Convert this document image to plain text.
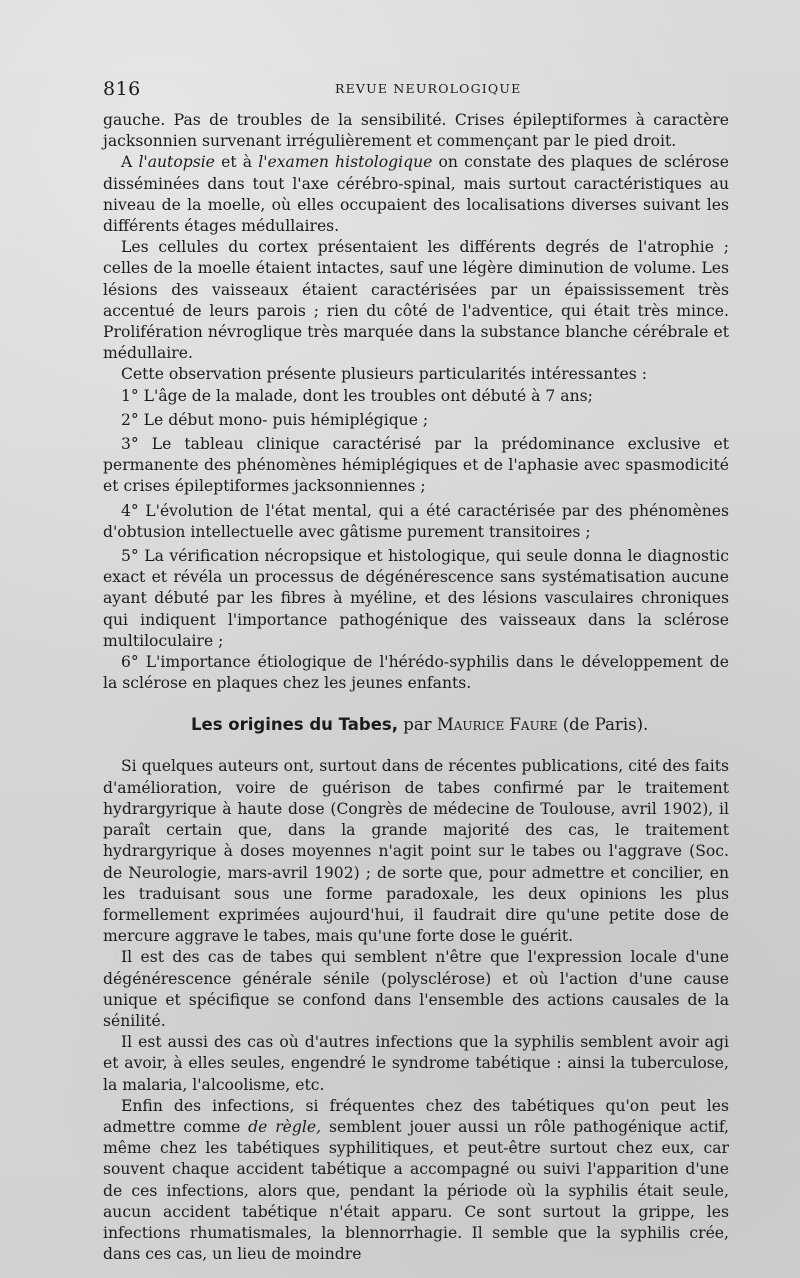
816	REVUE NEUROLOGIQUE

gauche. Pas de troubles de la sensibilité. Crises épileptiformes à caractère jacksonnien survenant irrégulièrement et commençant par le pied droit.

A l'autopsie et à l'examen histologique on constate des plaques de sclérose disséminées dans tout l'axe cérébro-spinal, mais surtout caractéristiques au niveau de la moelle, où elles occupaient des localisations diverses suivant les différents étages médullaires.

Les cellules du cortex présentaient les différents degrés de l'atrophie ; celles de la moelle étaient intactes, sauf une légère diminution de volume. Les lésions des vaisseaux étaient caractérisées par un épaississement très accentué de leurs parois ; rien du côté de l'adventice, qui était très mince. Prolifération névroglique très marquée dans la substance blanche cérébrale et médullaire.

Cette observation présente plusieurs particularités intéressantes :

1° L'âge de la malade, dont les troubles ont débuté à 7 ans;

2° Le début mono- puis hémiplégique ;

3° Le tableau clinique caractérisé par la prédominance exclusive et permanente des phénomènes hémiplégiques et de l'aphasie avec spasmodicité et crises épileptiformes jacksonniennes ;

4° L'évolution de l'état mental, qui a été caractérisée par des phénomènes d'obtusion intellectuelle avec gâtisme purement transitoires ;

5° La vérification nécropsique et histologique, qui seule donna le diagnostic exact et révéla un processus de dégénérescence sans systématisation aucune ayant débuté par les fibres à myéline, et des lésions vasculaires chroniques qui indiquent l'importance pathogénique des vaisseaux dans la sclérose multiloculaire ;

6° L'importance étiologique de l'hérédo-syphilis dans le développement de la sclérose en plaques chez les jeunes enfants.

Les origines du Tabes, par Maurice Faure (de Paris).

Si quelques auteurs ont, surtout dans de récentes publications, cité des faits d'amélioration, voire de guérison de tabes confirmé par le traitement hydrargyrique à haute dose (Congrès de médecine de Toulouse, avril 1902), il paraît certain que, dans la grande majorité des cas, le traitement hydrargyrique à doses moyennes n'agit point sur le tabes ou l'aggrave (Soc. de Neurologie, mars-avril 1902) ; de sorte que, pour admettre et concilier, en les traduisant sous une forme paradoxale, les deux opinions les plus formellement exprimées aujourd'hui, il faudrait dire qu'une petite dose de mercure aggrave le tabes, mais qu'une forte dose le guérit.

Il est des cas de tabes qui semblent n'être que l'expression locale d'une dégénérescence générale sénile (polysclérose) et où l'action d'une cause unique et spécifique se confond dans l'ensemble des actions causales de la sénilité.

Il est aussi des cas où d'autres infections que la syphilis semblent avoir agi et avoir, à elles seules, engendré le syndrome tabétique : ainsi la tuberculose, la malaria, l'alcoolisme, etc.

Enfin des infections, si fréquentes chez des tabétiques qu'on peut les admettre comme de règle, semblent jouer aussi un rôle pathogénique actif, même chez les tabétiques syphilitiques, et peut-être surtout chez eux, car souvent chaque accident tabétique a accompagné ou suivi l'apparition d'une de ces infections, alors que, pendant la période où la syphilis était seule, aucun accident tabétique n'était apparu. Ce sont surtout la grippe, les infections rhumatismales, la blennorrhagie. Il semble que la syphilis crée, dans ces cas, un lieu de moindre
